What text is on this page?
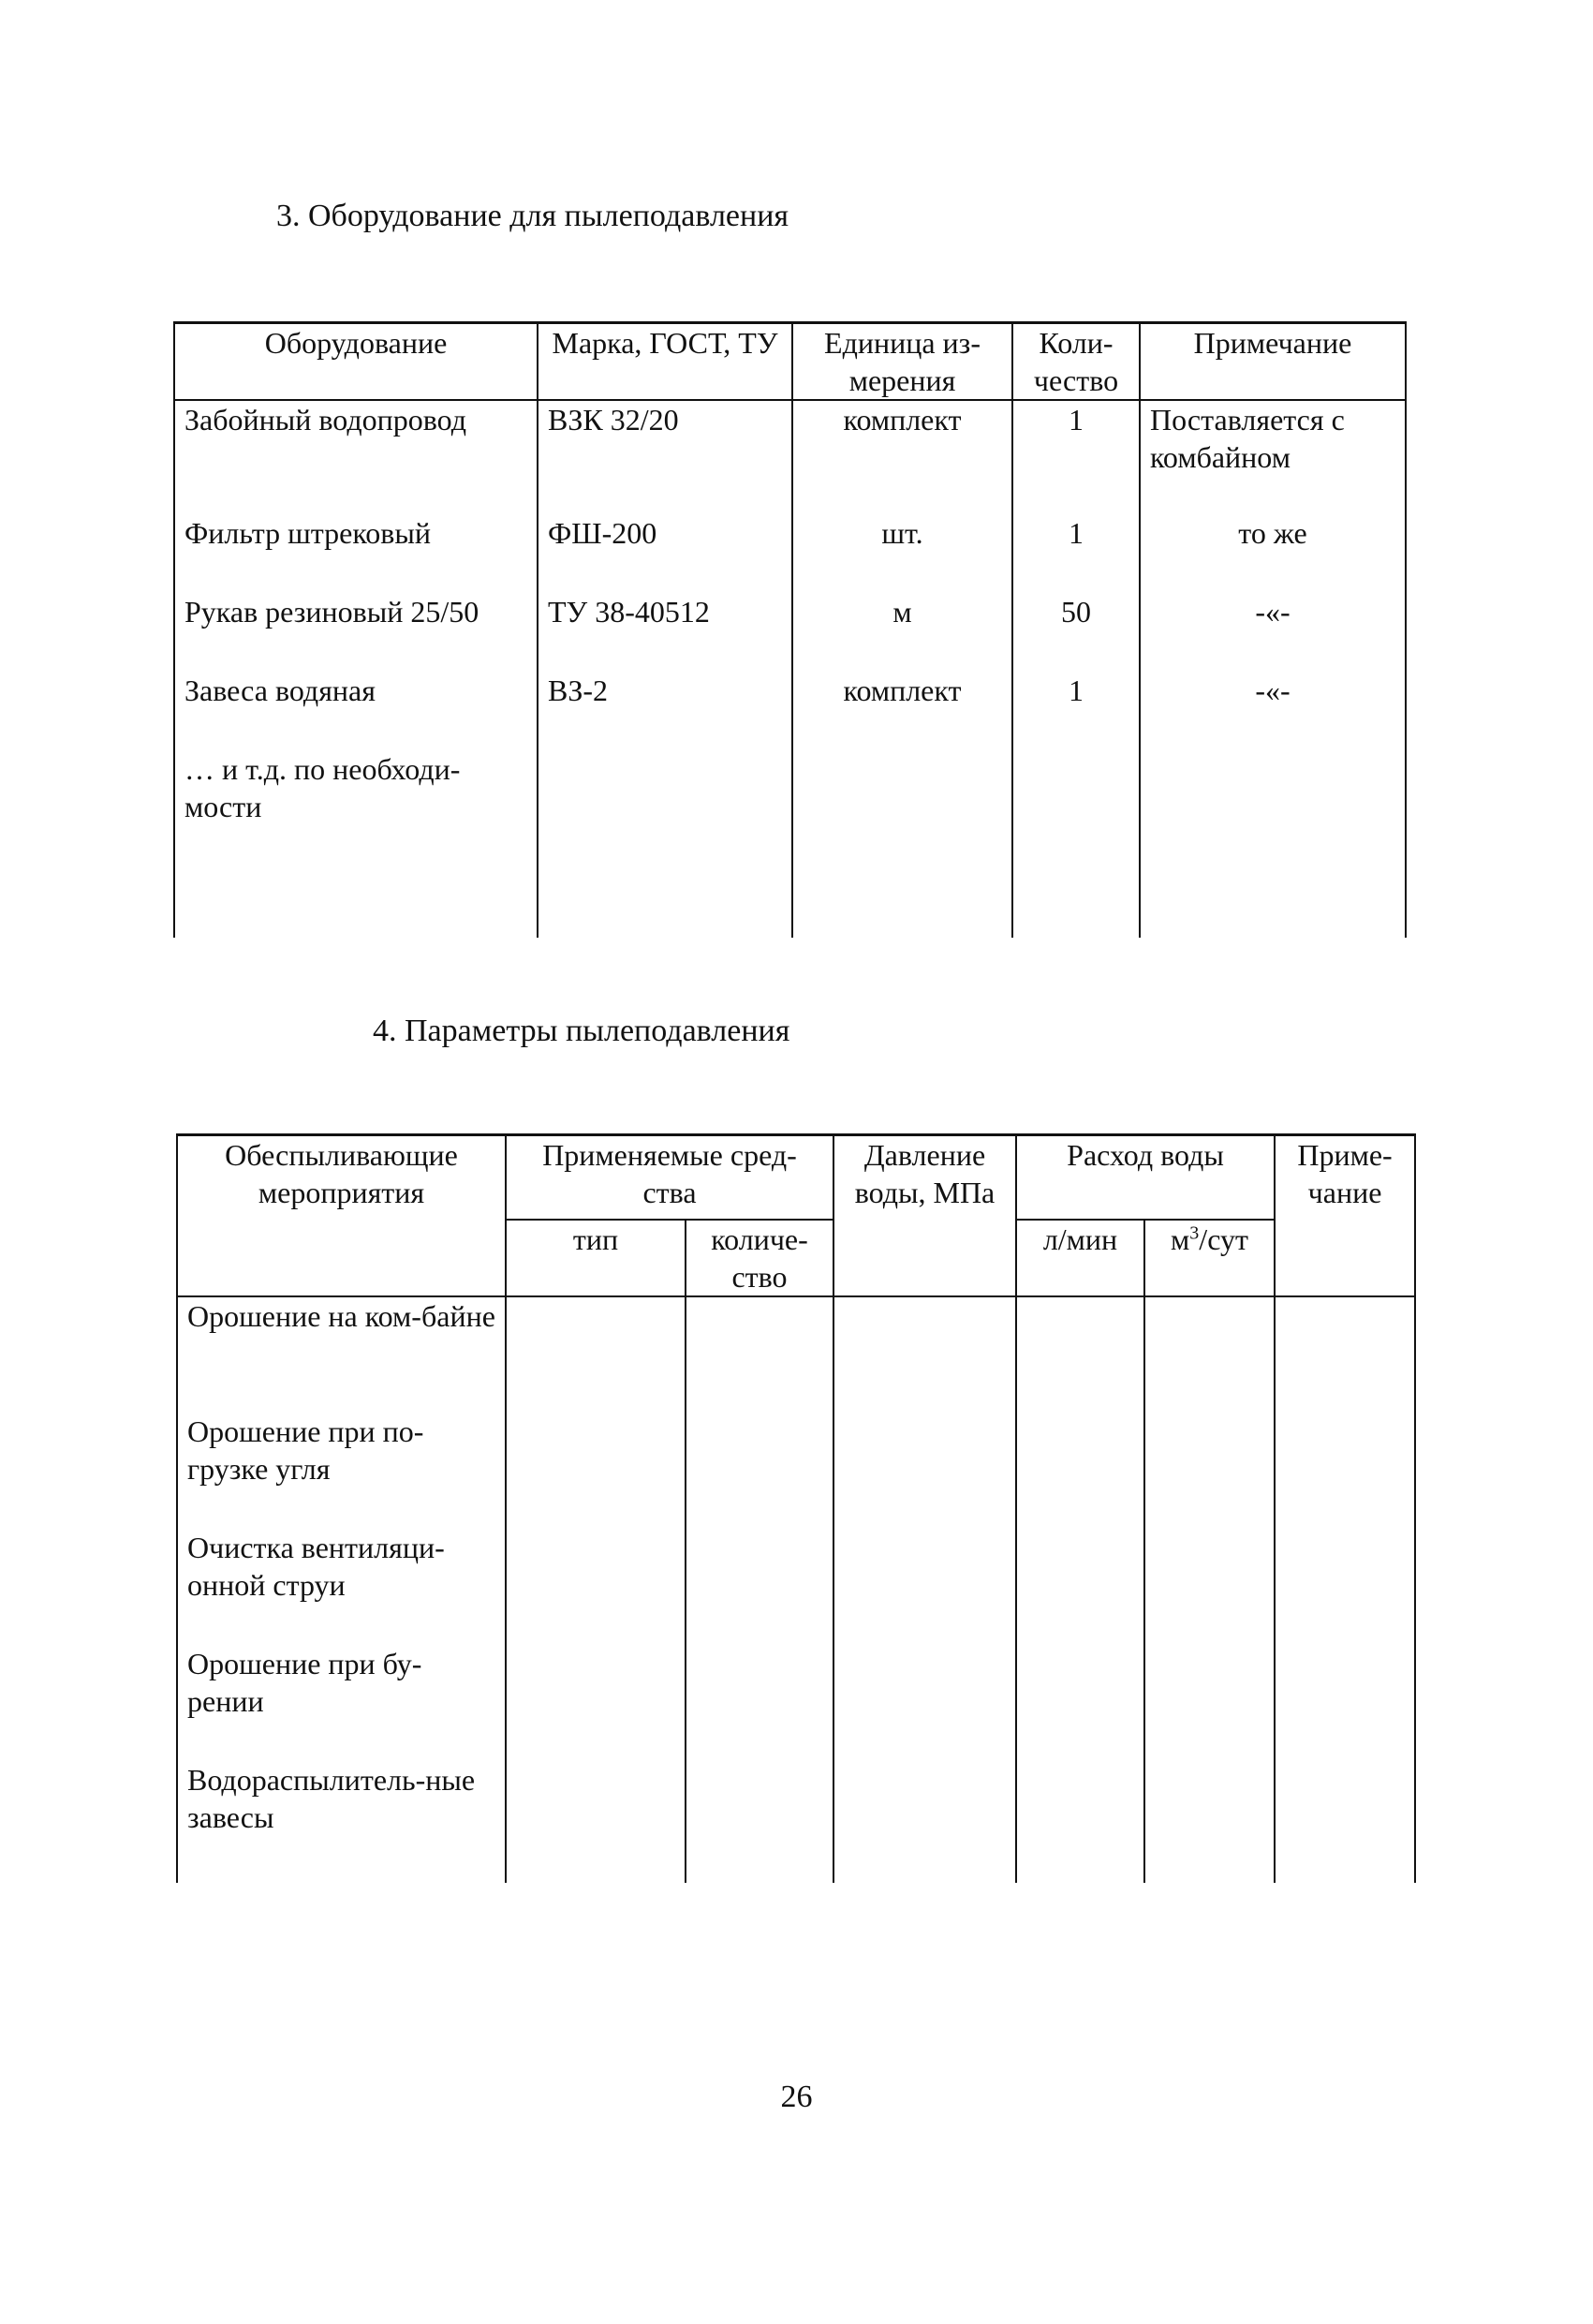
3. Оборудование для пылеподавления
Оборудование	Марка, ГОСТ, ТУ	Единица из-мерения	Коли-чество	Примечание
Забойный водопровод	ВЗК 32/20	комплект	1	Поставляется с комбайном
Фильтр штрековый	ФШ-200	шт.	1	то же
Рукав резиновый 25/50	ТУ 38-40512	м	50	-«-
Завеса водяная	ВЗ-2	комплект	1	-«-
… и т.д. по необходи-мости				
4. Параметры пылеподавления
Обеспыливающие мероприятия	Применяемые сред-ства		Давление воды, МПа	Расход воды		Приме-чание
	тип	количе-ство		л/мин	$м^3$/сут	
Орошение на ком-байне						
Орошение при по-грузке угля						
Очистка вентиляци-онной струи						
Орошение при бу-рении						
Водораспылитель-ные завесы						
26
